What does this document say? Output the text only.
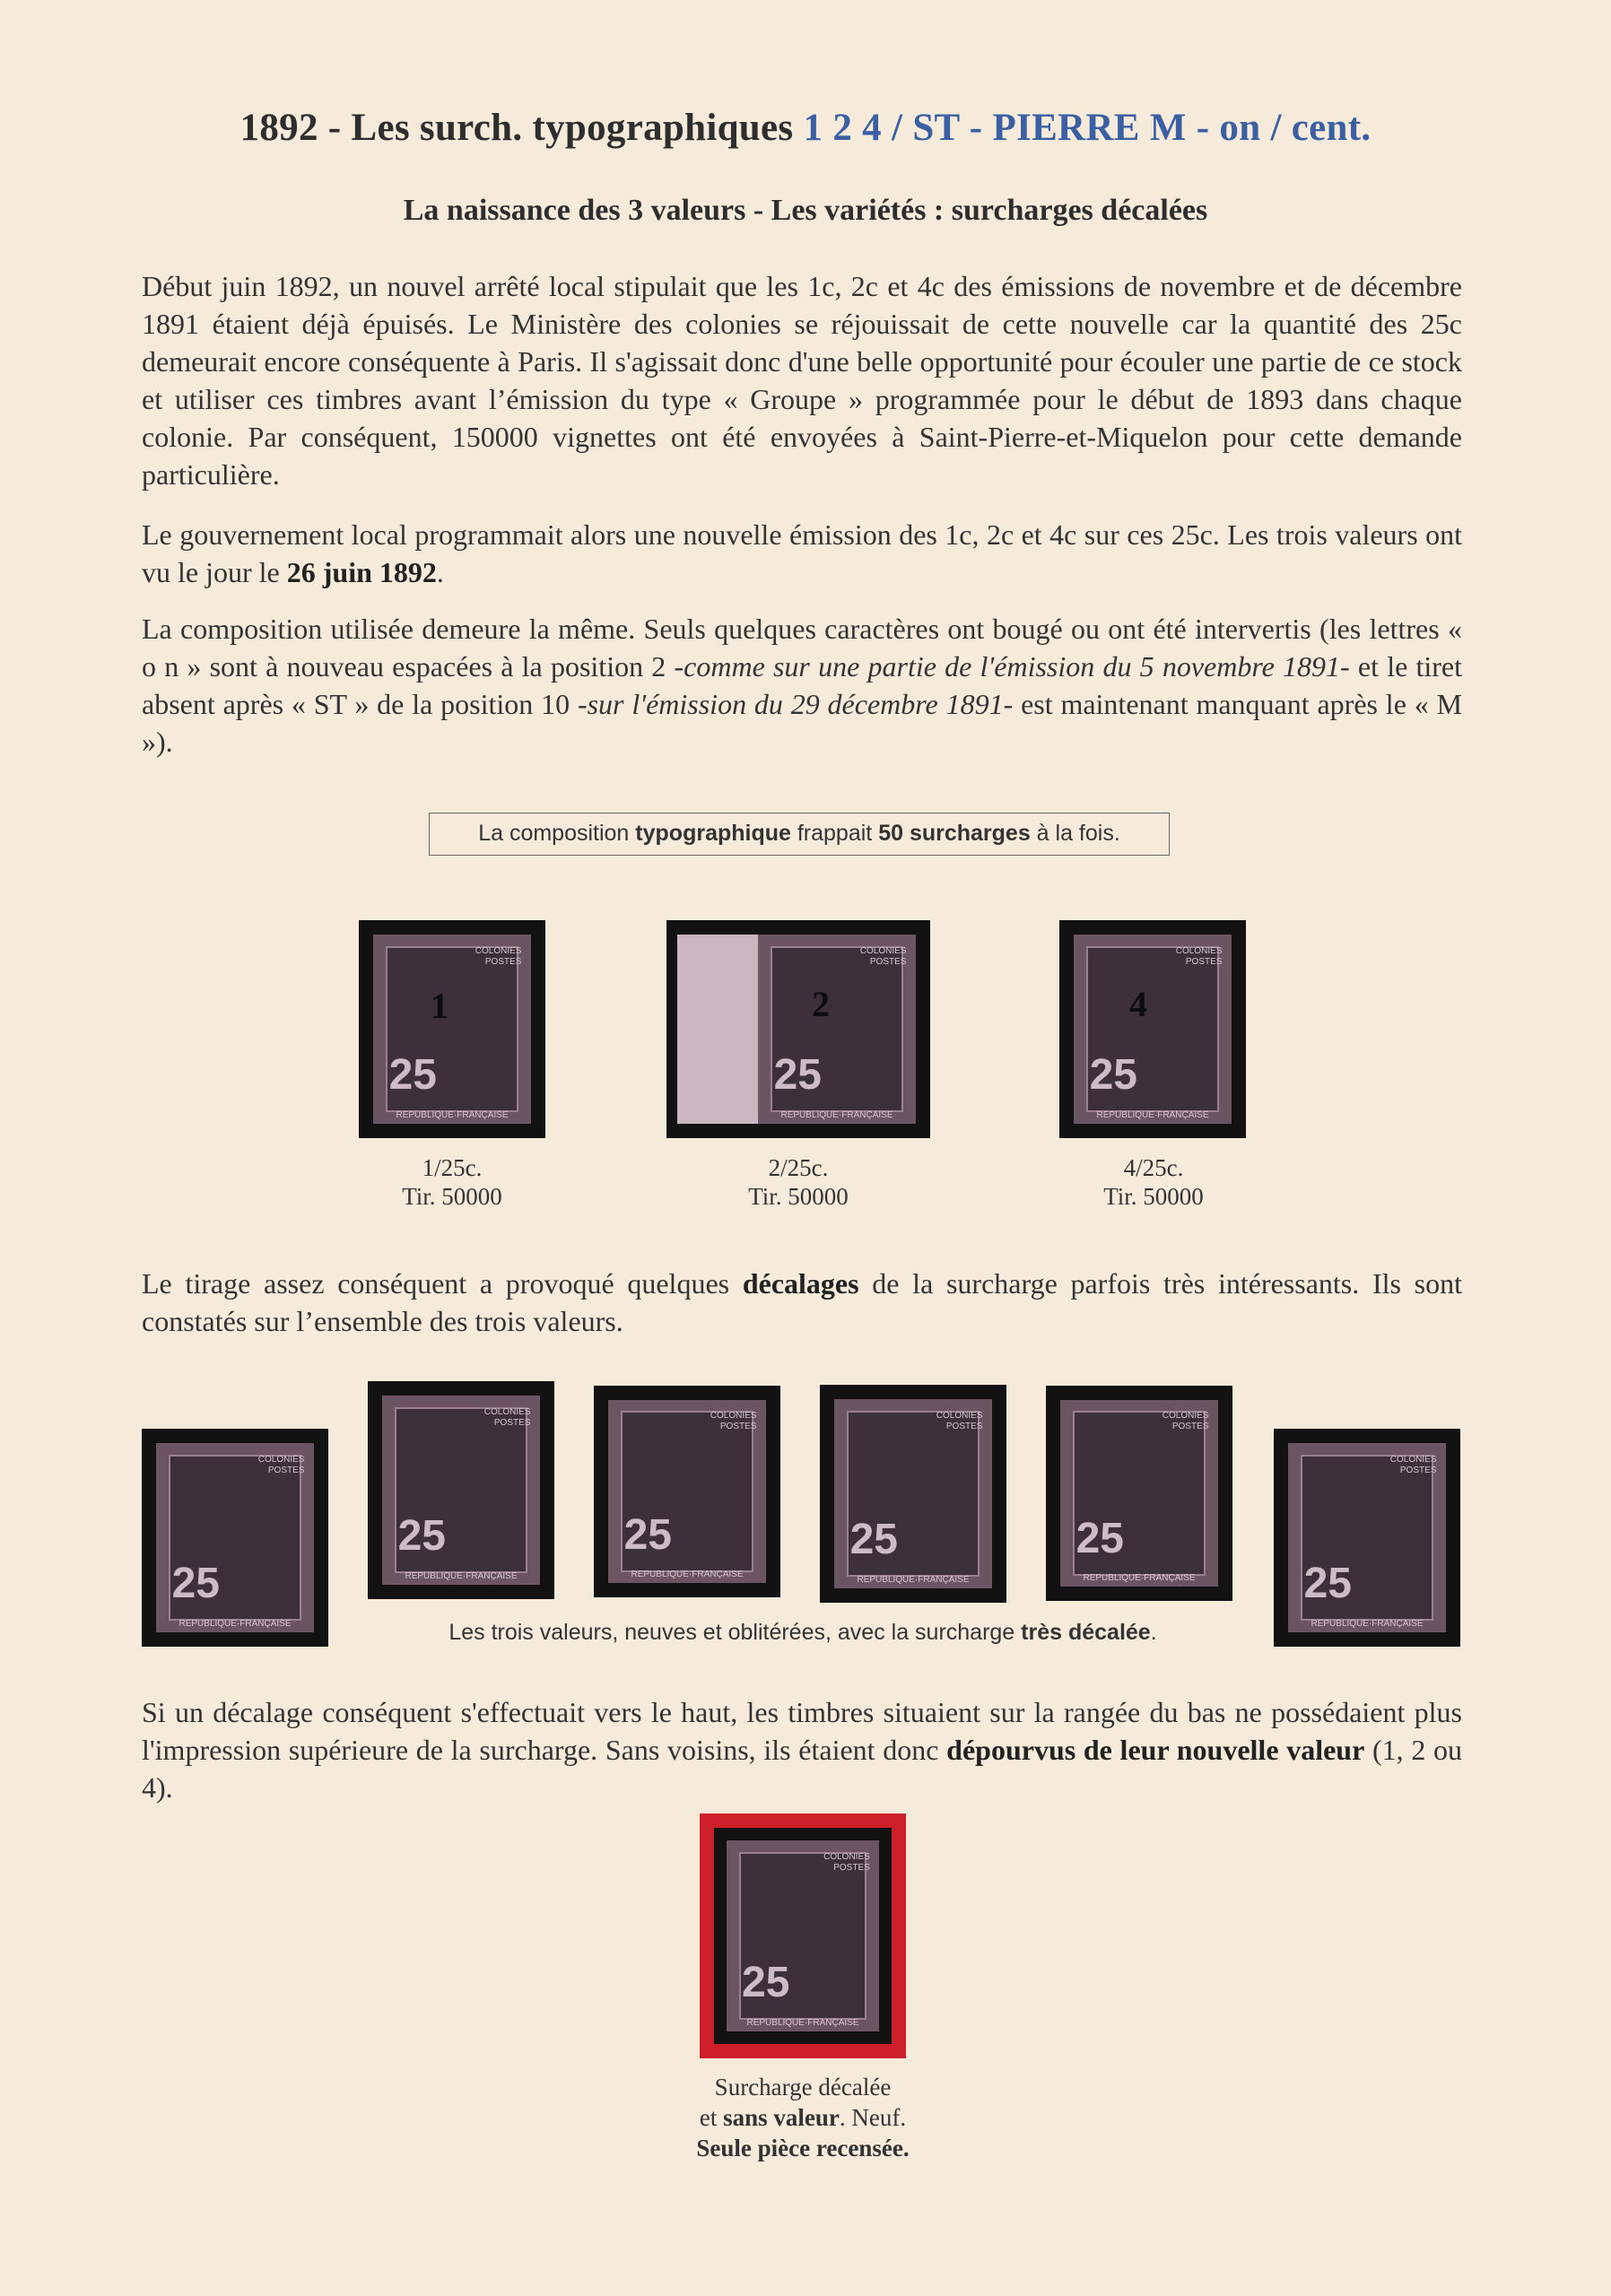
1892 - Les surch. typographiques 1 2 4 / ST - PIERRE M - on / cent.
La naissance des 3 valeurs - Les variétés : surcharges décalées
Début juin 1892, un nouvel arrêté local stipulait que les 1c, 2c et 4c des émissions de novembre et de décembre 1891 étaient déjà épuisés. Le Ministère des colonies se réjouissait de cette nouvelle car la quantité des 25c demeurait encore conséquente à Paris. Il s'agissait donc d'une belle opportunité pour écouler une partie de ce stock et utiliser ces timbres avant l’émission du type « Groupe » programmée pour le début de 1893 dans chaque colonie. Par conséquent, 150000 vignettes ont été envoyées à Saint-Pierre-et-Miquelon pour cette demande particulière.
Le gouvernement local programmait alors une nouvelle émission des 1c, 2c et 4c sur ces 25c. Les trois valeurs ont vu le jour le 26 juin 1892.
La composition utilisée demeure la même. Seuls quelques caractères ont bougé ou ont été intervertis (les lettres « o n » sont à nouveau espacées à la position 2 -comme sur une partie de l'émission du 5 novembre 1891- et le tiret absent après « ST » de la position 10 -sur l'émission du 29 décembre 1891- est maintenant manquant après le « M »).
La composition typographique frappait 50 surcharges à la fois.
COLONIES
POSTES
25
REPUBLIQUE·FRANÇAISE
1
COLONIES
POSTES
25
REPUBLIQUE·FRANÇAISE
2
COLONIES
POSTES
25
REPUBLIQUE·FRANÇAISE
4
1/25c.
Tir. 50000
2/25c.
Tir. 50000
4/25c.
Tir. 50000
Le tirage assez conséquent a provoqué quelques décalages de la surcharge parfois très intéressants. Ils sont constatés sur l’ensemble des trois valeurs.
COLONIES
POSTES
25
REPUBLIQUE·FRANÇAISE
COLONIES
POSTES
25
REPUBLIQUE·FRANÇAISE
COLONIES
POSTES
25
REPUBLIQUE·FRANÇAISE
COLONIES
POSTES
25
REPUBLIQUE·FRANÇAISE
COLONIES
POSTES
25
REPUBLIQUE·FRANÇAISE
COLONIES
POSTES
25
REPUBLIQUE·FRANÇAISE
Les trois valeurs, neuves et oblitérées, avec la surcharge très décalée.
Si un décalage conséquent s'effectuait vers le haut, les timbres situaient sur la rangée du bas ne possédaient plus l'impression supérieure de la surcharge. Sans voisins, ils étaient donc dépourvus de leur nouvelle valeur (1, 2 ou 4).
COLONIES
POSTES
25
REPUBLIQUE·FRANÇAISE
Surcharge décalée
et sans valeur. Neuf.
Seule pièce recensée.
